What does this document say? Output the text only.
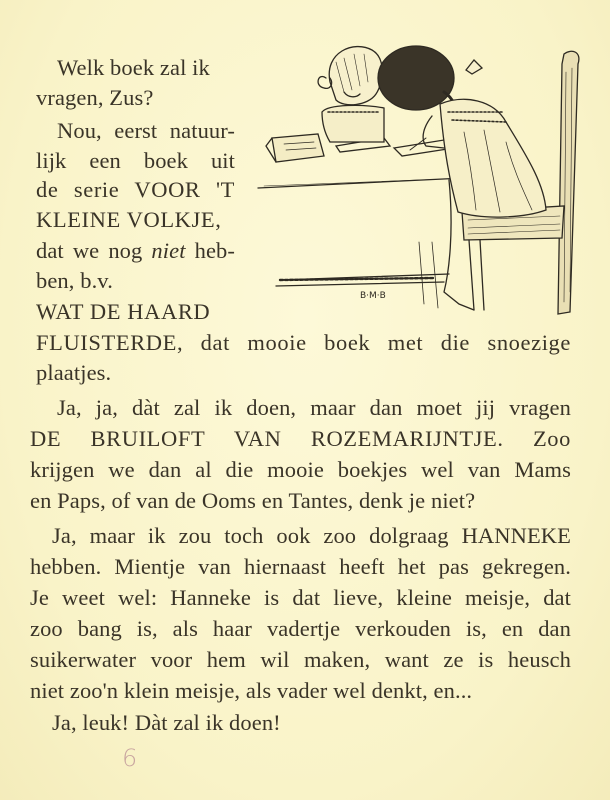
Welk boek zal ik
vragen, Zus?
Nou, eerst natuur-
lijk een boek uit
de serie VOOR 'T
KLEINE VOLKJE,
dat we nog niet heb-
ben, b.v.
WAT DE HAARD
FLUISTERDE, dat mooie boek met die snoezige
plaatjes.
Ja, ja, dàt zal ik doen, maar dan moet jij vragen
DE BRUILOFT VAN ROZEMARIJNTJE. Zoo
krijgen we dan al die mooie boekjes wel van Mams
en Paps, of van de Ooms en Tantes, denk je niet?
Ja, maar ik zou toch ook zoo dolgraag HANNEKE
hebben. Mientje van hiernaast heeft het pas gekregen.
Je weet wel: Hanneke is dat lieve, kleine meisje, dat
zoo bang is, als haar vadertje verkouden is, en dan
suikerwater voor hem wil maken, want ze is heusch
niet zoo'n klein meisje, als vader wel denkt, en...
Ja, leuk! Dàt zal ik doen!
6
B·M·B
